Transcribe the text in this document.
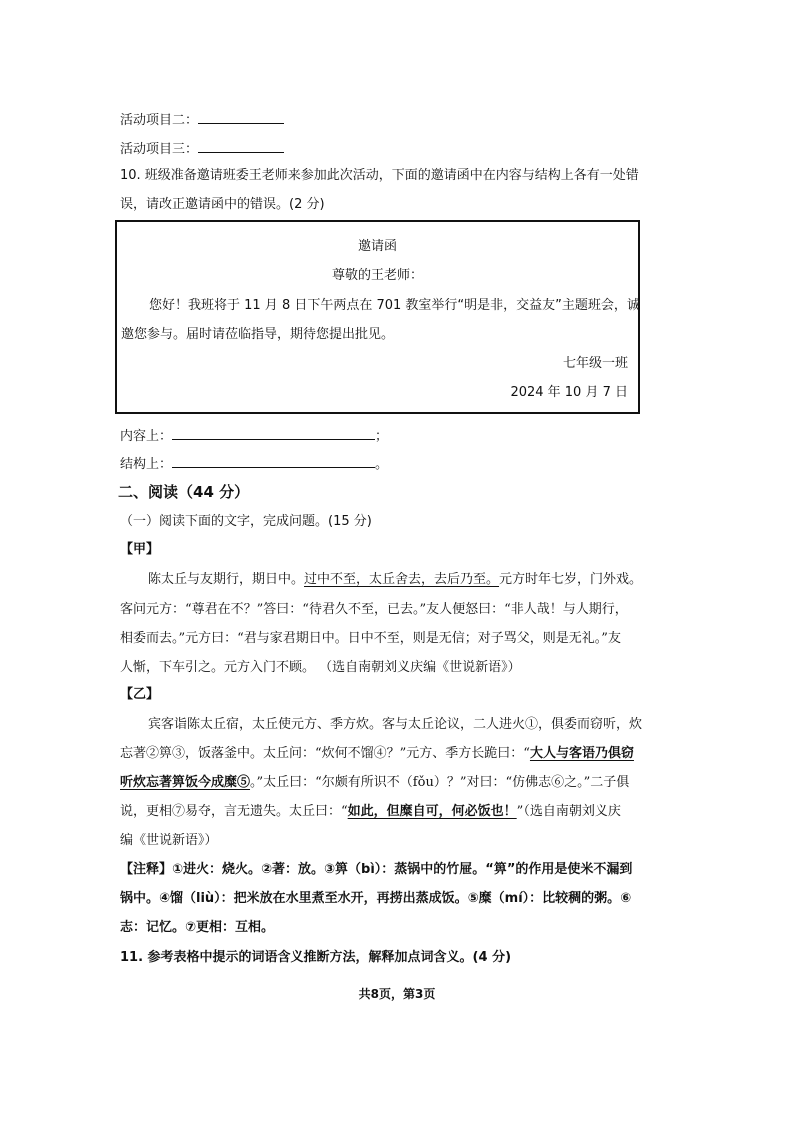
活动项目二：
活动项目三：
10. 班级准备邀请班委王老师来参加此次活动，下面的邀请函中在内容与结构上各有一处错
误，请改正邀请函中的错误。(2 分)
邀请函
尊敬的王老师：
您好！我班将于 11 月 8 日下午两点在 701 教室举行“明是非，交益友”主题班会，诚
邀您参与。届时请莅临指导，期待您提出批见。
七年级一班
2024 年 10 月 7 日
内容上：	；
结构上：	。
二、阅读（44 分）
（一）阅读下面的文字，完成问题。(15 分)
【甲】
陈太丘与友期行，期日中。过中不至，太丘舍去，去后乃至。元方时年七岁，门外戏。
客问元方：“尊君在不？”答曰：“待君久不至，已去。”友人便怒曰：“非人哉！与人期行，
相委而去。”元方曰：“君与家君期日中。日中不至，则是无信；对子骂父，则是无礼。”友
人惭，下车引之。元方入门不顾。 （选自南朝刘义庆编《世说新语》）
【乙】
宾客诣陈太丘宿，太丘使元方、季方炊。客与太丘论议，二人进火①，俱委而窃听，炊
忘著②箅③，饭落釜中。太丘问：“炊何不馏④？”元方、季方长跪曰：“大人与客语乃俱窃
听炊忘著箅饭今成糜⑤。”太丘曰：“尔颇有所识不（fǒu）？”对曰：“仿佛志⑥之。”二子俱
说，更相⑦易夺，言无遗失。太丘曰：“如此，但糜自可，何必饭也！”（选自南朝刘义庆
编《世说新语》）
【注释】①进火：烧火。②著：放。③箅（bì）：蒸锅中的竹屉。“箅”的作用是使米不漏到
锅中。④馏（liù）：把米放在水里煮至水开，再捞出蒸成饭。⑤糜（mí）：比较稠的粥。⑥
志：记忆。⑦更相：互相。
11. 参考表格中提示的词语含义推断方法，解释加点词含义。(4 分)
共8页，第3页
